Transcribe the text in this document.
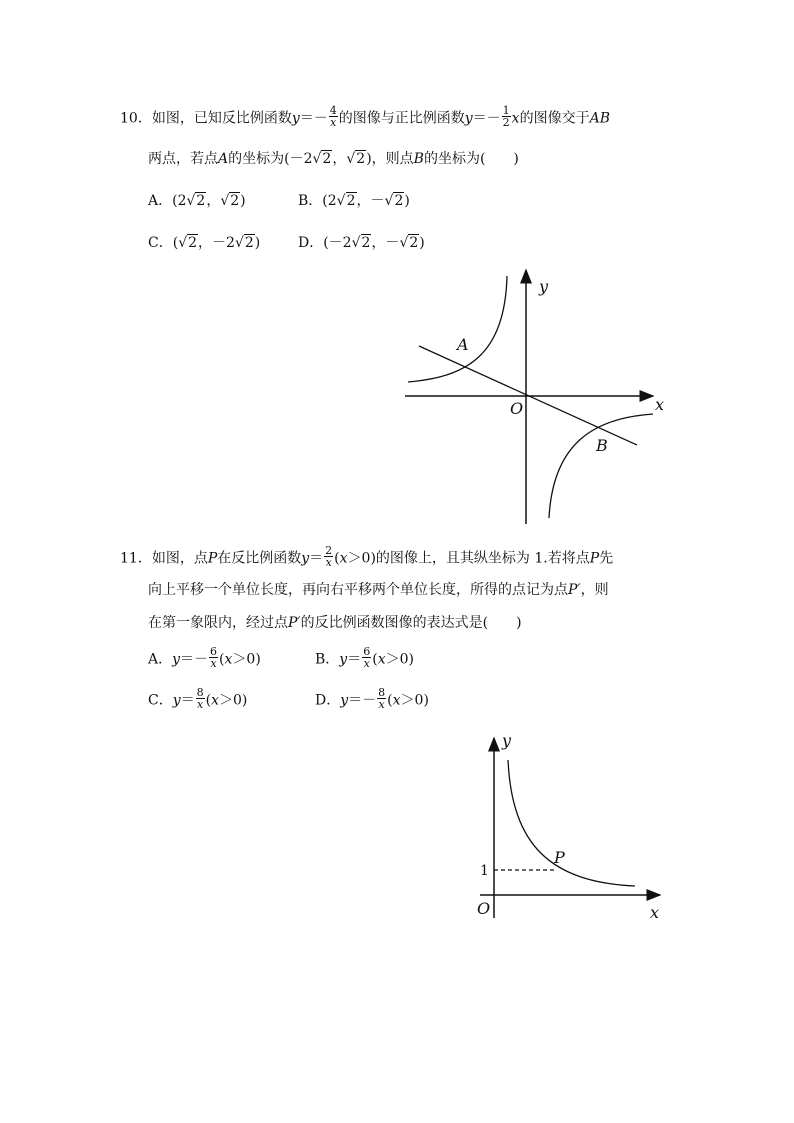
10．如图，已知反比例函数$y=- \frac{4}{x}$ 的图像与正比例函数$y=- \frac{1}{2}$ x的图像交于AB
两点，若点A的坐标为(－2√2，√2)，则点B的坐标为(　　)
A．(2√2，√2)	B．(2√2，－√2)
C．(√2，－2√2)	D．(－2√2，－√2)
y
x
O
A
B
11．如图，点P在反比例函数$y= \frac{2}{x} (x>0)$的图像上，且其纵坐标为 1.若将点P先
向上平移一个单位长度，再向右平移两个单位长度，所得的点记为点P′，则
在第一象限内，经过点P′的反比例函数图像的表达式是(　　)
A．$y=- \frac{6}{x} (x>0)$	B．$y= \frac{6}{x} (x>0)$
C．$y= \frac{8}{x} (x>0)$	D．$y=- \frac{8}{x} (x>0)$
y
x
O
1
P
